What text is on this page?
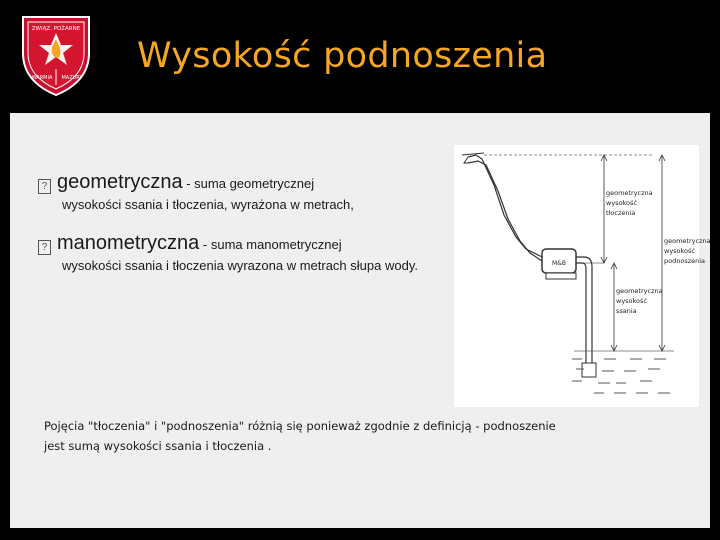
ZWIĄZ. POŻARNE
WARMIA MAZURY
Wysokość podnoszenia
? geometryczna - suma geometrycznej
wysokości ssania i tłoczenia, wyrażona w metrach,
? manometryczna - suma manometrycznej
wysokości ssania i tłoczenia wyrazona w metrach słupa wody.	M&B
geometryczna wysokość tłoczenia
geometryczna wysokość ssania
geometryczna wysokość podnoszenia
Pojęcia "tłoczenia" i "podnoszenia" różnią się ponieważ zgodnie z definicją - podnoszenie jest sumą wysokości ssania i tłoczenia .
